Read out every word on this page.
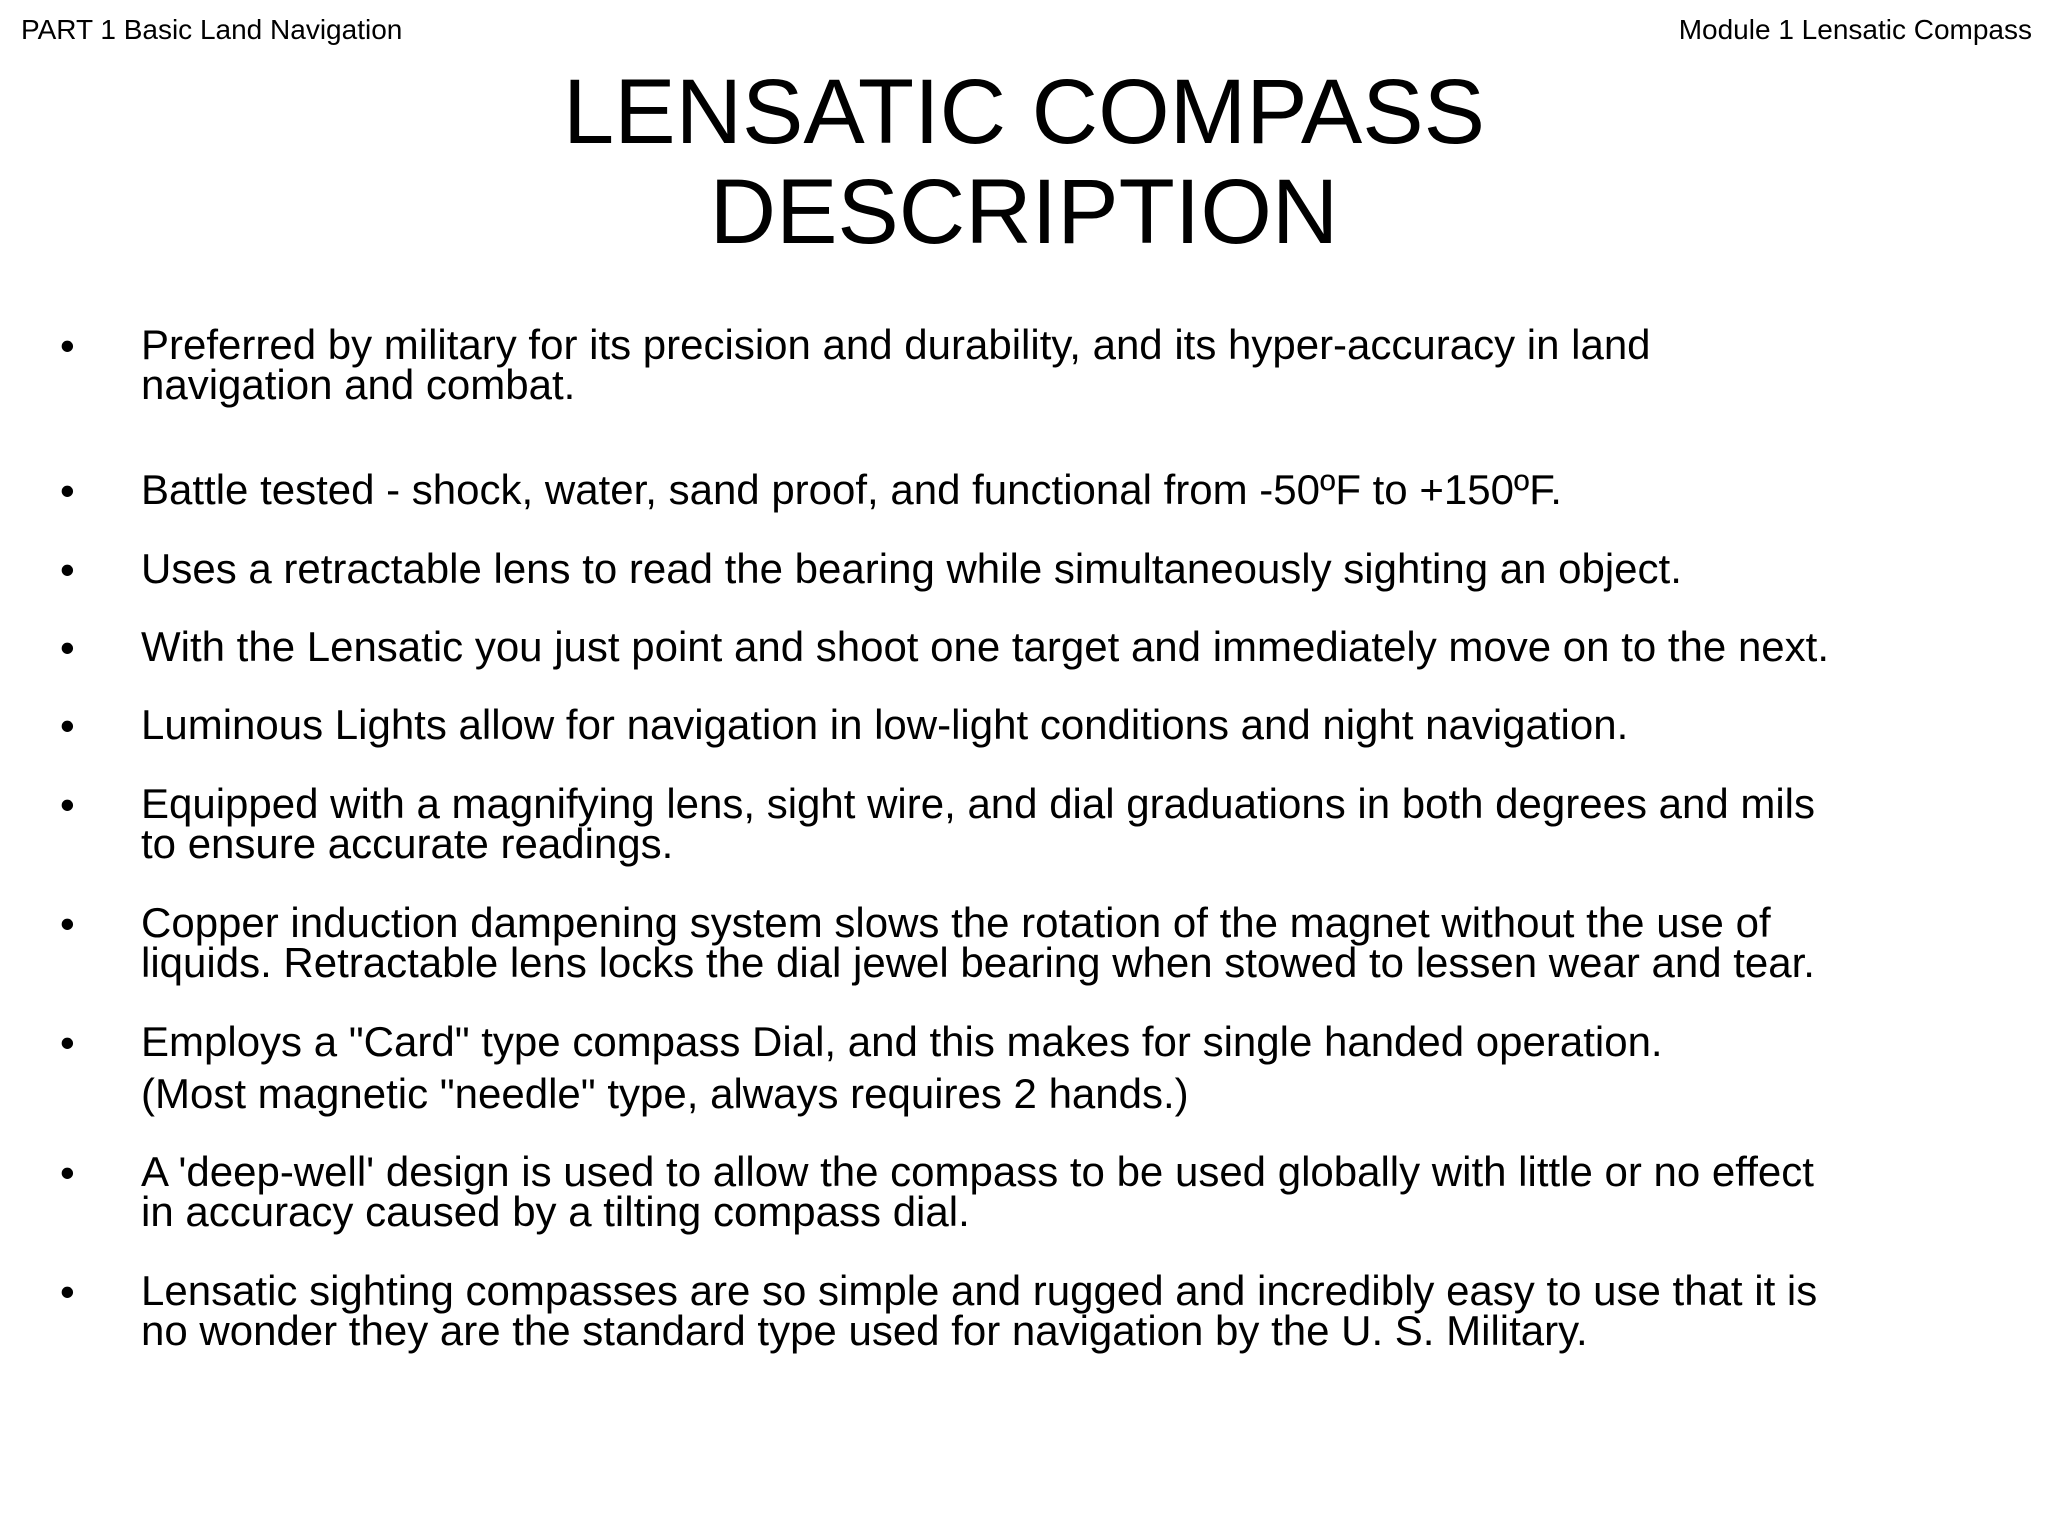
PART 1 Basic Land Navigation	Module 1 Lensatic Compass
LENSATIC COMPASS
DESCRIPTION
• Preferred by military for its precision and durability, and its hyper-accuracy in land
navigation and combat.
• Battle tested - shock, water, sand proof, and functional from -50ºF to +150ºF.
• Uses a retractable lens to read the bearing while simultaneously sighting an object.
• With the Lensatic you just point and shoot one target and immediately move on to the next.
• Luminous Lights allow for navigation in low-light conditions and night navigation.
• Equipped with a magnifying lens, sight wire, and dial graduations in both degrees and mils
to ensure accurate readings.
• Copper induction dampening system slows the rotation of the magnet without the use of
liquids. Retractable lens locks the dial jewel bearing when stowed to lessen wear and tear.
• Employs a "Card" type compass Dial, and this makes for single handed operation.
(Most magnetic "needle" type, always requires 2 hands.)
• A 'deep-well' design is used to allow the compass to be used globally with little or no effect
in accuracy caused by a tilting compass dial.
• Lensatic sighting compasses are so simple and rugged and incredibly easy to use that it is
no wonder they are the standard type used for navigation by the U. S. Military.
